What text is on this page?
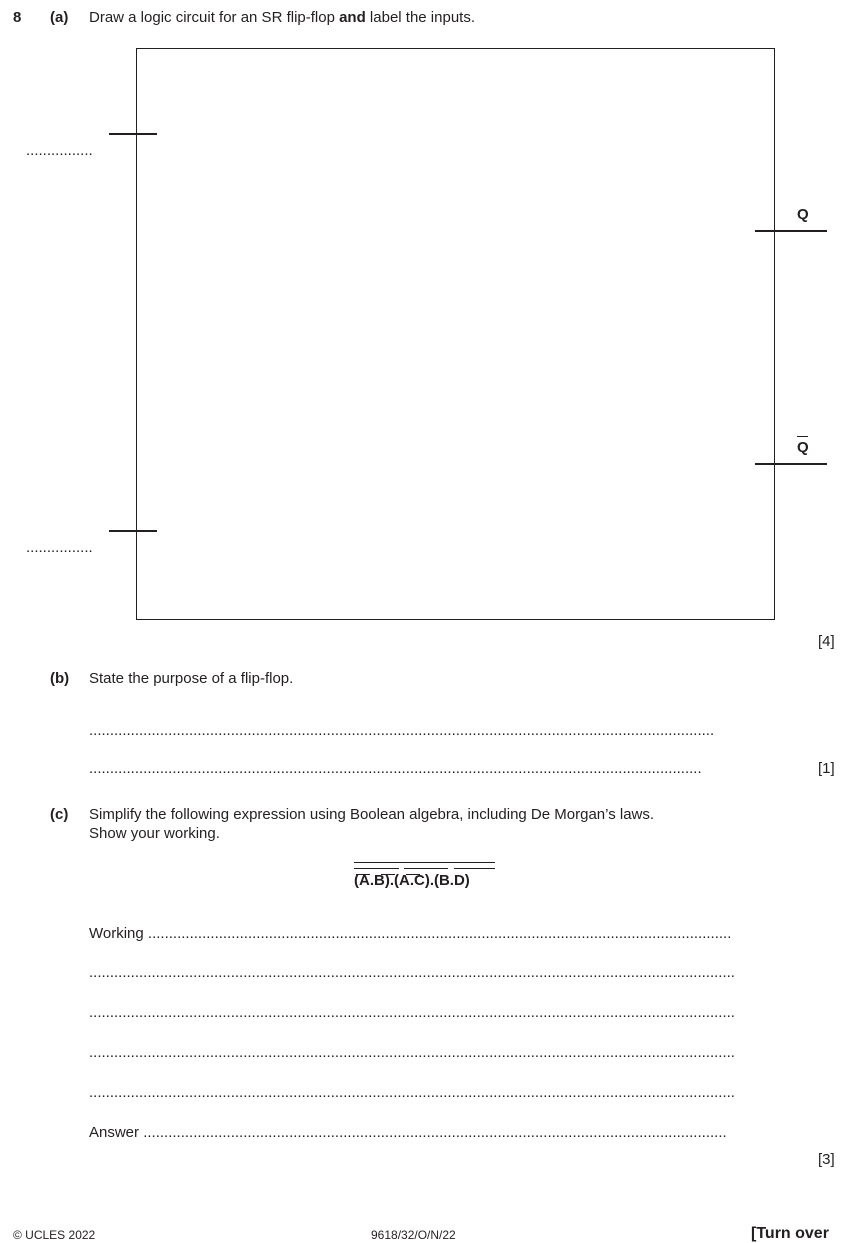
8 (a) Draw a logic circuit for an SR flip-flop and label the inputs.
................
................
Q
Q
[4]
(b) State the purpose of a flip-flop.
......................................................................................................................................................
...................................................................................................................................................	[1]
(c) Simplify the following expression using Boolean algebra, including De Morgan’s laws.
Show your working.
(A.B).(A.C).(B.D)
Working ............................................................................................................................................
...........................................................................................................................................................
...........................................................................................................................................................
...........................................................................................................................................................
...........................................................................................................................................................
Answer ............................................................................................................................................
[3]
© UCLES 2022	9618/32/O/N/22	[Turn over
